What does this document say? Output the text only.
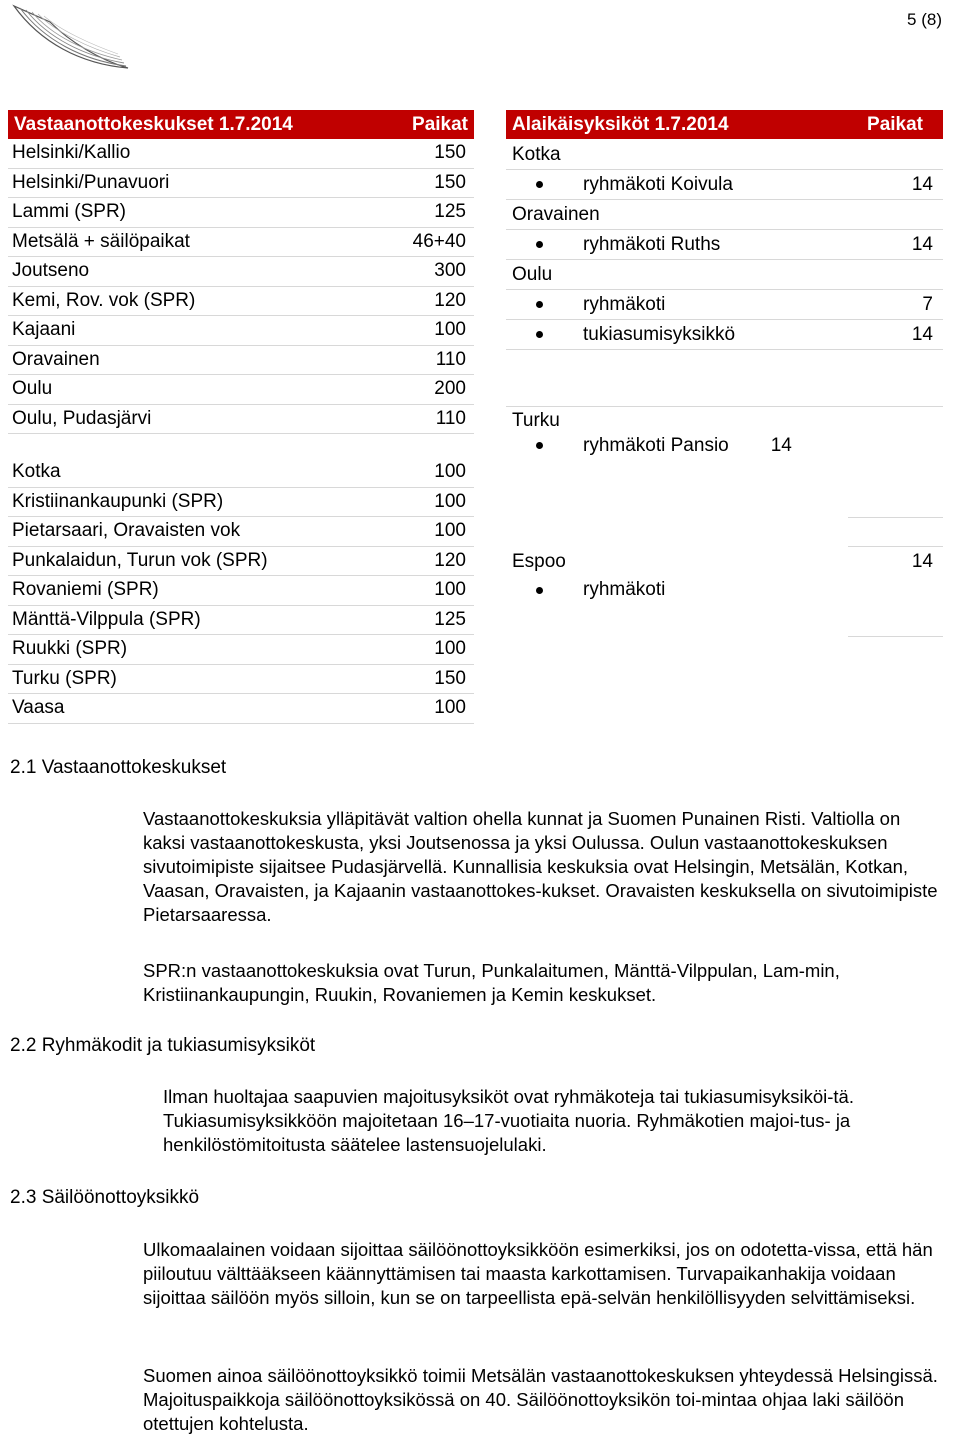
5 (8)
Vastaanottokeskukset 1.7.2014	Paikat
Helsinki/Kallio	150
Helsinki/Punavuori	150
Lammi (SPR)	125
Metsälä + säilöpaikat	46+40
Joutseno	300
Kemi, Rov. vok (SPR)	120
Kajaani	100
Oravainen	110
Oulu	200
Oulu, Pudasjärvi	110
Kotka	100
Kristiinankaupunki (SPR)	100
Pietarsaari, Oravaisten vok	100
Punkalaidun, Turun vok (SPR)	120
Rovaniemi (SPR)	100
Mänttä-Vilppula (SPR)	125
Ruukki (SPR)	100
Turku (SPR)	150
Vaasa	100
Alaikäisyksiköt 1.7.2014	Paikat
Kotka
ryhmäkoti Koivula	14
Oravainen
ryhmäkoti Ruths	14
Oulu
ryhmäkoti	7
tukiasumisyksikkö	14
Turku
ryhmäkoti Pansio 14
Espoo	14
ryhmäkoti
2.1 Vastaanottokeskukset
Vastaanottokeskuksia ylläpitävät valtion ohella kunnat ja Suomen Punainen Risti. Valtiolla on kaksi vastaanottokeskusta, yksi Joutsenossa ja yksi Oulussa. Oulun vastaanottokeskuksen sivutoimipiste sijaitsee Pudasjärvellä. Kunnallisia keskuksia ovat Helsingin, Metsälän, Kotkan, Vaasan, Oravaisten, ja Kajaanin vastaanottokes-kukset. Oravaisten keskuksella on sivutoimipiste Pietarsaaressa.
SPR:n vastaanottokeskuksia ovat Turun, Punkalaitumen, Mänttä-Vilppulan, Lam-min, Kristiinankaupungin, Ruukin, Rovaniemen ja Kemin keskukset.
2.2 Ryhmäkodit ja tukiasumisyksiköt
Ilman huoltajaa saapuvien majoitusyksiköt ovat ryhmäkoteja tai tukiasumisyksiköi-tä. Tukiasumisyksikköön majoitetaan 16–17-vuotiaita nuoria. Ryhmäkotien majoi-tus- ja henkilöstömitoitusta säätelee lastensuojelulaki.
2.3 Säilöönottoyksikkö
Ulkomaalainen voidaan sijoittaa säilöönottoyksikköön esimerkiksi, jos on odotetta-vissa, että hän piiloutuu välttääkseen käännyttämisen tai maasta karkottamisen. Turvapaikanhakija voidaan sijoittaa säilöön myös silloin, kun se on tarpeellista epä-selvän henkilöllisyyden selvittämiseksi.
Suomen ainoa säilöönottoyksikkö toimii Metsälän vastaanottokeskuksen yhteydessä Helsingissä. Majoituspaikkoja säilöönottoyksikössä on 40. Säilöönottoyksikön toi-mintaa ohjaa laki säilöön otettujen kohtelusta.
